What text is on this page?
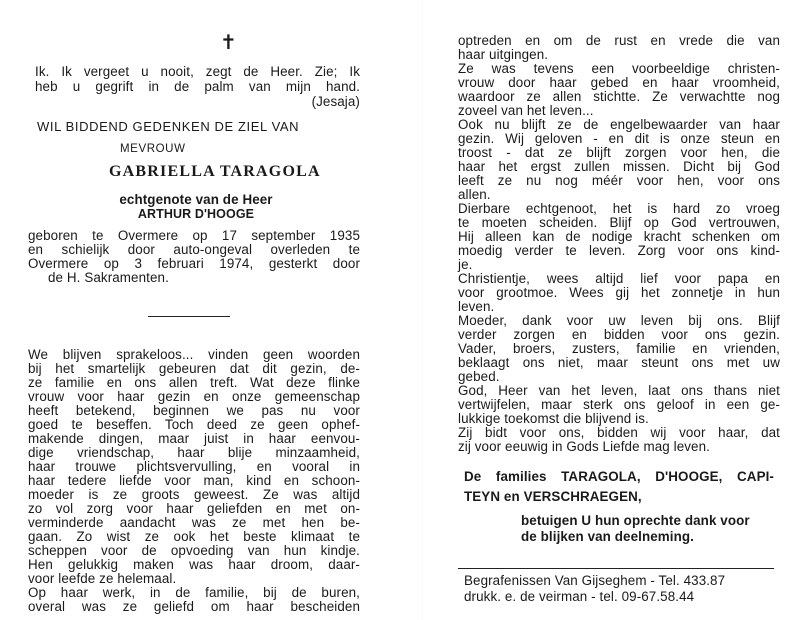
✝
Ik. Ik vergeet u nooit, zegt de Heer. Zie; Ik
heb u gegrift in de palm van mijn hand.
(Jesaja)
WIL BIDDEND GEDENKEN DE ZIEL VAN
MEVROUW
GABRIELLA TARAGOLA
echtgenote van de Heer
ARTHUR D'HOOGE
geboren te Overmere op 17 september 1935
en schielijk door auto-ongeval overleden te
Overmere op 3 februari 1974, gesterkt door
de H. Sakramenten.
We blijven sprakeloos... vinden geen woorden
bij het smartelijk gebeuren dat dit gezin, de-
ze familie en ons allen treft. Wat deze flinke
vrouw voor haar gezin en onze gemeenschap
heeft betekend, beginnen we pas nu voor
goed te beseffen. Toch deed ze geen ophef-
makende dingen, maar juist in haar eenvou-
dige vriendschap, haar blije minzaamheid,
haar trouwe plichtsvervulling, en vooral in
haar tedere liefde voor man, kind en schoon-
moeder is ze groots geweest. Ze was altijd
zo vol zorg voor haar geliefden en met on-
verminderde aandacht was ze met hen be-
gaan. Zo wist ze ook het beste klimaat te
scheppen voor de opvoeding van hun kindje.
Hen gelukkig maken was haar droom, daar-
voor leefde ze helemaal.
Op haar werk, in de familie, bij de buren,
overal was ze geliefd om haar bescheiden
optreden en om de rust en vrede die van
haar uitgingen.
Ze was tevens een voorbeeldige christen-
vrouw door haar gebed en haar vroomheid,
waardoor ze allen stichtte. Ze verwachtte nog
zoveel van het leven...
Ook nu blijft ze de engelbewaarder van haar
gezin. Wij geloven - en dit is onze steun en
troost - dat ze blijft zorgen voor hen, die
haar het ergst zullen missen. Dicht bij God
leeft ze nu nog méér voor hen, voor ons
allen.
Dierbare echtgenoot, het is hard zo vroeg
te moeten scheiden. Blijf op God vertrouwen,
Hij alleen kan de nodige kracht schenken om
moedig verder te leven. Zorg voor ons kind-
je.
Christientje, wees altijd lief voor papa en
voor grootmoe. Wees gij het zonnetje in hun
leven.
Moeder, dank voor uw leven bij ons. Blijf
verder zorgen en bidden voor ons gezin.
Vader, broers, zusters, familie en vrienden,
beklaagt ons niet, maar steunt ons met uw
gebed.
God, Heer van het leven, laat ons thans niet
vertwijfelen, maar sterk ons geloof in een ge-
lukkige toekomst die blijvend is.
Zij bidt voor ons, bidden wij voor haar, dat
zij voor eeuwig in Gods Liefde mag leven.
De families TARAGOLA, D'HOOGE, CAPI-
TEYN en VERSCHRAEGEN,
betuigen U hun oprechte dank voor
de blijken van deelneming.
Begrafenissen Van Gijseghem - Tel. 433.87
drukk. e. de veirman - tel. 09-67.58.44
